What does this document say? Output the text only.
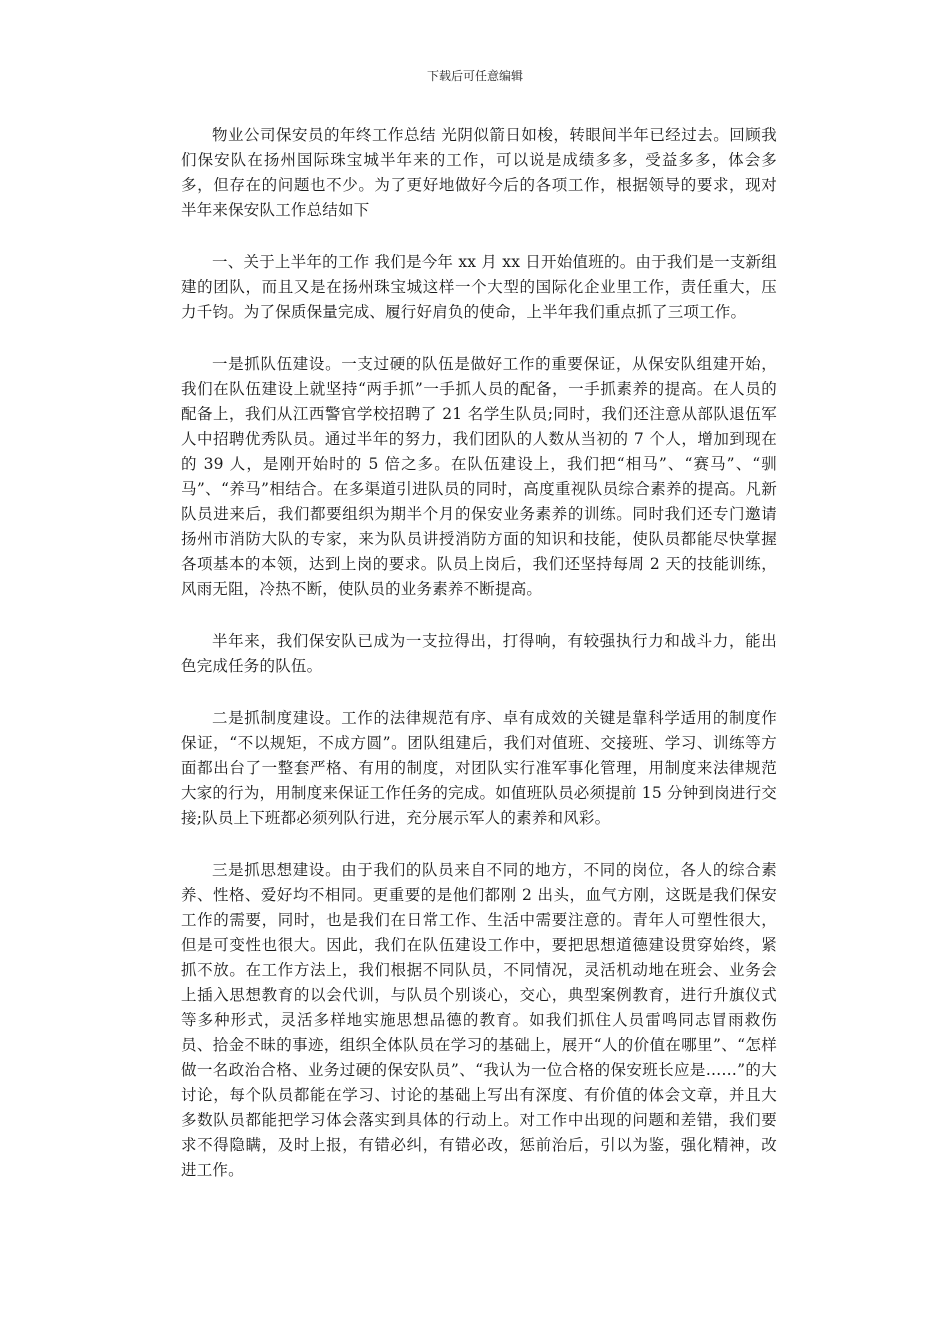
下载后可任意编辑

物业公司保安员的年终工作总结 光阴似箭日如梭，转眼间半年已经过去。回顾我们保安队在扬州国际珠宝城半年来的工作，可以说是成绩多多，受益多多，体会多多，但存在的问题也不少。为了更好地做好今后的各项工作，根据领导的要求，现对半年来保安队工作总结如下

一、关于上半年的工作 我们是今年 xx 月 xx 日开始值班的。由于我们是一支新组建的团队，而且又是在扬州珠宝城这样一个大型的国际化企业里工作，责任重大，压力千钧。为了保质保量完成、履行好肩负的使命，上半年我们重点抓了三项工作。

一是抓队伍建设。一支过硬的队伍是做好工作的重要保证，从保安队组建开始，我们在队伍建设上就坚持“两手抓”一手抓人员的配备，一手抓素养的提高。在人员的配备上，我们从江西警官学校招聘了 21 名学生队员;同时，我们还注意从部队退伍军人中招聘优秀队员。通过半年的努力，我们团队的人数从当初的 7 个人，增加到现在的 39 人，是刚开始时的 5 倍之多。在队伍建设上，我们把“相马”、“赛马”、“驯马”、“养马”相结合。在多渠道引进队员的同时，高度重视队员综合素养的提高。凡新队员进来后，我们都要组织为期半个月的保安业务素养的训练。同时我们还专门邀请扬州市消防大队的专家，来为队员讲授消防方面的知识和技能，使队员都能尽快掌握各项基本的本领，达到上岗的要求。队员上岗后，我们还坚持每周 2 天的技能训练，风雨无阻，冷热不断，使队员的业务素养不断提高。

半年来，我们保安队已成为一支拉得出，打得响，有较强执行力和战斗力，能出色完成任务的队伍。

二是抓制度建设。工作的法律规范有序、卓有成效的关键是靠科学适用的制度作保证，“不以规矩，不成方圆”。团队组建后，我们对值班、交接班、学习、训练等方面都出台了一整套严格、有用的制度，对团队实行准军事化管理，用制度来法律规范大家的行为，用制度来保证工作任务的完成。如值班队员必须提前 15 分钟到岗进行交接;队员上下班都必须列队行进，充分展示军人的素养和风彩。

三是抓思想建设。由于我们的队员来自不同的地方，不同的岗位，各人的综合素养、性格、爱好均不相同。更重要的是他们都刚 2 出头，血气方刚，这既是我们保安工作的需要，同时，也是我们在日常工作、生活中需要注意的。青年人可塑性很大，但是可变性也很大。因此，我们在队伍建设工作中，要把思想道德建设贯穿始终，紧抓不放。在工作方法上，我们根据不同队员，不同情况，灵活机动地在班会、业务会上插入思想教育的以会代训，与队员个别谈心，交心，典型案例教育，进行升旗仪式等多种形式，灵活多样地实施思想品德的教育。如我们抓住人员雷鸣同志冒雨救伤员、拾金不昧的事迹，组织全体队员在学习的基础上，展开“人的价值在哪里”、“怎样做一名政治合格、业务过硬的保安队员”、“我认为一位合格的保安班长应是……”的大讨论，每个队员都能在学习、讨论的基础上写出有深度、有价值的体会文章，并且大多数队员都能把学习体会落实到具体的行动上。对工作中出现的问题和差错，我们要求不得隐瞒，及时上报，有错必纠，有错必改，惩前治后，引以为鉴，强化精神，改进工作。
